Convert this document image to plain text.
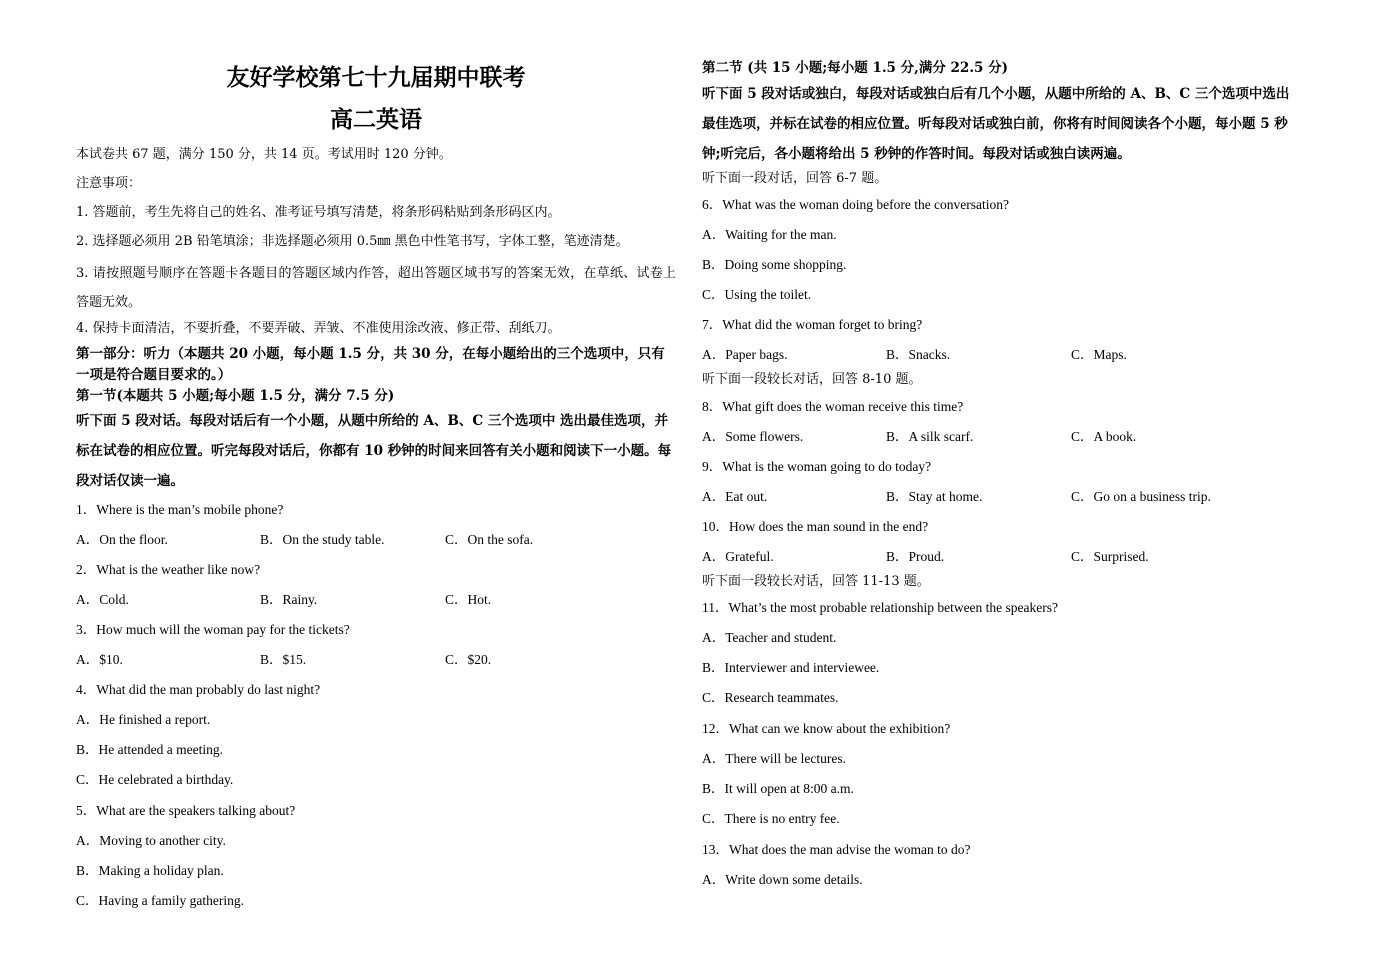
友好学校第七十九届期中联考
高二英语
本试卷共 67 题，满分 150 分，共 14 页。考试用时 120 分钟。
注意事项：
1. 答题前，考生先将自己的姓名、准考证号填写清楚，将条形码粘贴到条形码区内。
2. 选择题必须用 2B 铅笔填涂；非选择题必须用 0.5㎜ 黑色中性笔书写，字体工整，笔迹清楚。
3. 请按照题号顺序在答题卡各题目的答题区域内作答，超出答题区域书写的答案无效，在草纸、试卷上答题无效。
4. 保持卡面清洁，不要折叠，不要弄破、弄皱、不准使用涂改液、修正带、刮纸刀。
第一部分：听力（本题共 20 小题，每小题 1.5 分，共 30 分，在每小题给出的三个选项中，只有一项是符合题目要求的。）
第一节(本题共 5 小题;每小题 1.5 分，满分 7.5 分)
听下面 5 段对话。每段对话后有一个小题，从题中所给的 A、B、C 三个选项中 选出最佳选项，并标在试卷的相应位置。听完每段对话后，你都有 10 秒钟的时间来回答有关小题和阅读下一小题。每段对话仅读一遍。
1．Where is the man’s mobile phone?
A．On the floor.	B．On the study table.	C．On the sofa.
2．What is the weather like now?
A．Cold.	B．Rainy.	C．Hot.
3．How much will the woman pay for the tickets?
A．$10.	B．$15.	C．$20.
4．What did the man probably do last night?
A．He finished a report.
B．He attended a meeting.
C．He celebrated a birthday.
5．What are the speakers talking about?
A．Moving to another city.
B．Making a holiday plan.
C．Having a family gathering.
第二节 (共 15 小题;每小题 1.5 分,满分 22.5 分)
听下面 5 段对话或独白，每段对话或独白后有几个小题，从题中所给的 A、B、C 三个选项中选出最佳选项，并标在试卷的相应位置。听每段对话或独白前，你将有时间阅读各个小题，每小题 5 秒钟;听完后，各小题将给出 5 秒钟的作答时间。每段对话或独白读两遍。
听下面一段对话，回答 6-7 题。
6．What was the woman doing before the conversation?
A．Waiting for the man.
B．Doing some shopping.
C．Using the toilet.
7．What did the woman forget to bring?
A．Paper bags.	B．Snacks.	C．Maps.
听下面一段较长对话，回答 8-10 题。
8．What gift does the woman receive this time?
A．Some flowers.	B．A silk scarf.	C．A book.
9．What is the woman going to do today?
A．Eat out.	B．Stay at home.	C．Go on a business trip.
10．How does the man sound in the end?
A．Grateful.	B．Proud.	C．Surprised.
听下面一段较长对话，回答 11-13 题。
11．What’s the most probable relationship between the speakers?
A．Teacher and student.
B．Interviewer and interviewee.
C．Research teammates.
12．What can we know about the exhibition?
A．There will be lectures.
B．It will open at 8:00 a.m.
C．There is no entry fee.
13．What does the man advise the woman to do?
A．Write down some details.
